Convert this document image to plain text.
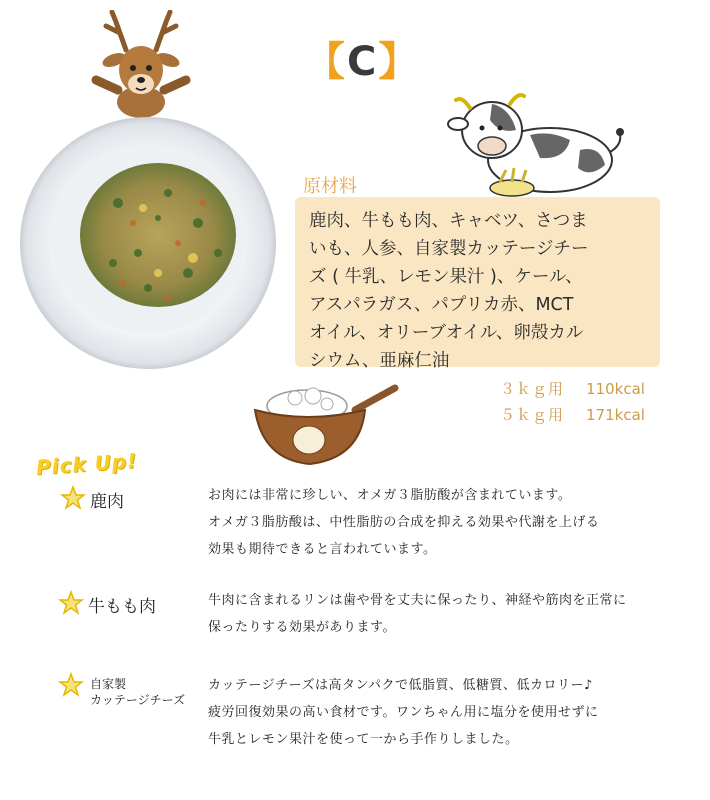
【C】
原材料
鹿肉、牛もも肉、キャベツ、さつま
いも、人参、自家製カッテージチー
ズ ( 牛乳、レモン果汁 )、ケール、
アスパラガス、パプリカ赤、MCT
オイル、オリーブオイル、卵殻カル
シウム、亜麻仁油
３ｋｇ用 110kcal
５ｋｇ用 171kcal
Pick Up!
鹿肉	お肉には非常に珍しい、オメガ３脂肪酸が含まれています。
オメガ３脂肪酸は、中性脂肪の合成を抑える効果や代謝を上げる
効果も期待できると言われています。
牛もも肉	牛肉に含まれるリンは歯や骨を丈夫に保ったり、神経や筋肉を正常に
保ったりする効果があります。
自家製
カッテージチーズ
カッテージチーズは高タンパクで低脂質、低糖質、低カロリー♪
疲労回復効果の高い食材です。ワンちゃん用に塩分を使用せずに
牛乳とレモン果汁を使って一から手作りしました。
